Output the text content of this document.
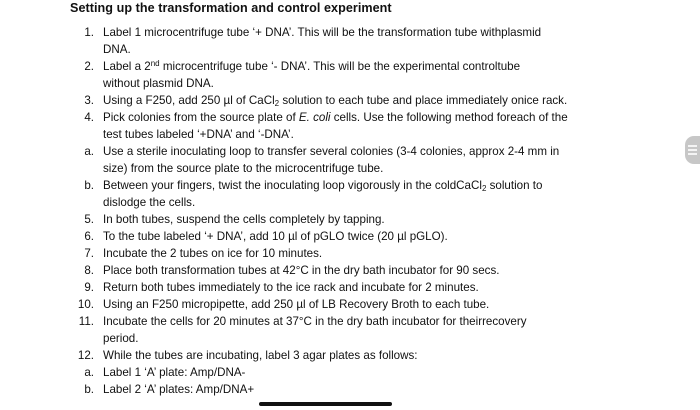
Setting up the transformation and control experiment
1. Label 1 microcentrifuge tube ‘+ DNA’. This will be the transformation tube withplasmid
DNA.
2. Label a 2nd microcentrifuge tube ‘- DNA’. This will be the experimental controltube
without plasmid DNA.
3. Using a F250, add 250 µl of CaCl$_2$ solution to each tube and place immediately onice rack.
4. Pick colonies from the source plate of E. coli cells. Use the following method foreach of the
test tubes labeled ‘+DNA’ and ‘-DNA’.
a. Use a sterile inoculating loop to transfer several colonies (3-4 colonies, approx 2-4 mm in
size) from the source plate to the microcentrifuge tube.
b. Between your fingers, twist the inoculating loop vigorously in the coldCaCl$_2$ solution to
dislodge the cells.
5. In both tubes, suspend the cells completely by tapping.
6. To the tube labeled ‘+ DNA’, add 10 µl of pGLO twice (20 µl pGLO).
7. Incubate the 2 tubes on ice for 10 minutes.
8. Place both transformation tubes at 42°C in the dry bath incubator for 90 secs.
9. Return both tubes immediately to the ice rack and incubate for 2 minutes.
10. Using an F250 micropipette, add 250 µl of LB Recovery Broth to each tube.
11. Incubate the cells for 20 minutes at 37°C in the dry bath incubator for theirrecovery
period.
12. While the tubes are incubating, label 3 agar plates as follows:
a. Label 1 ‘A’ plate: Amp/DNA-
b. Label 2 ‘A’ plates: Amp/DNA+
